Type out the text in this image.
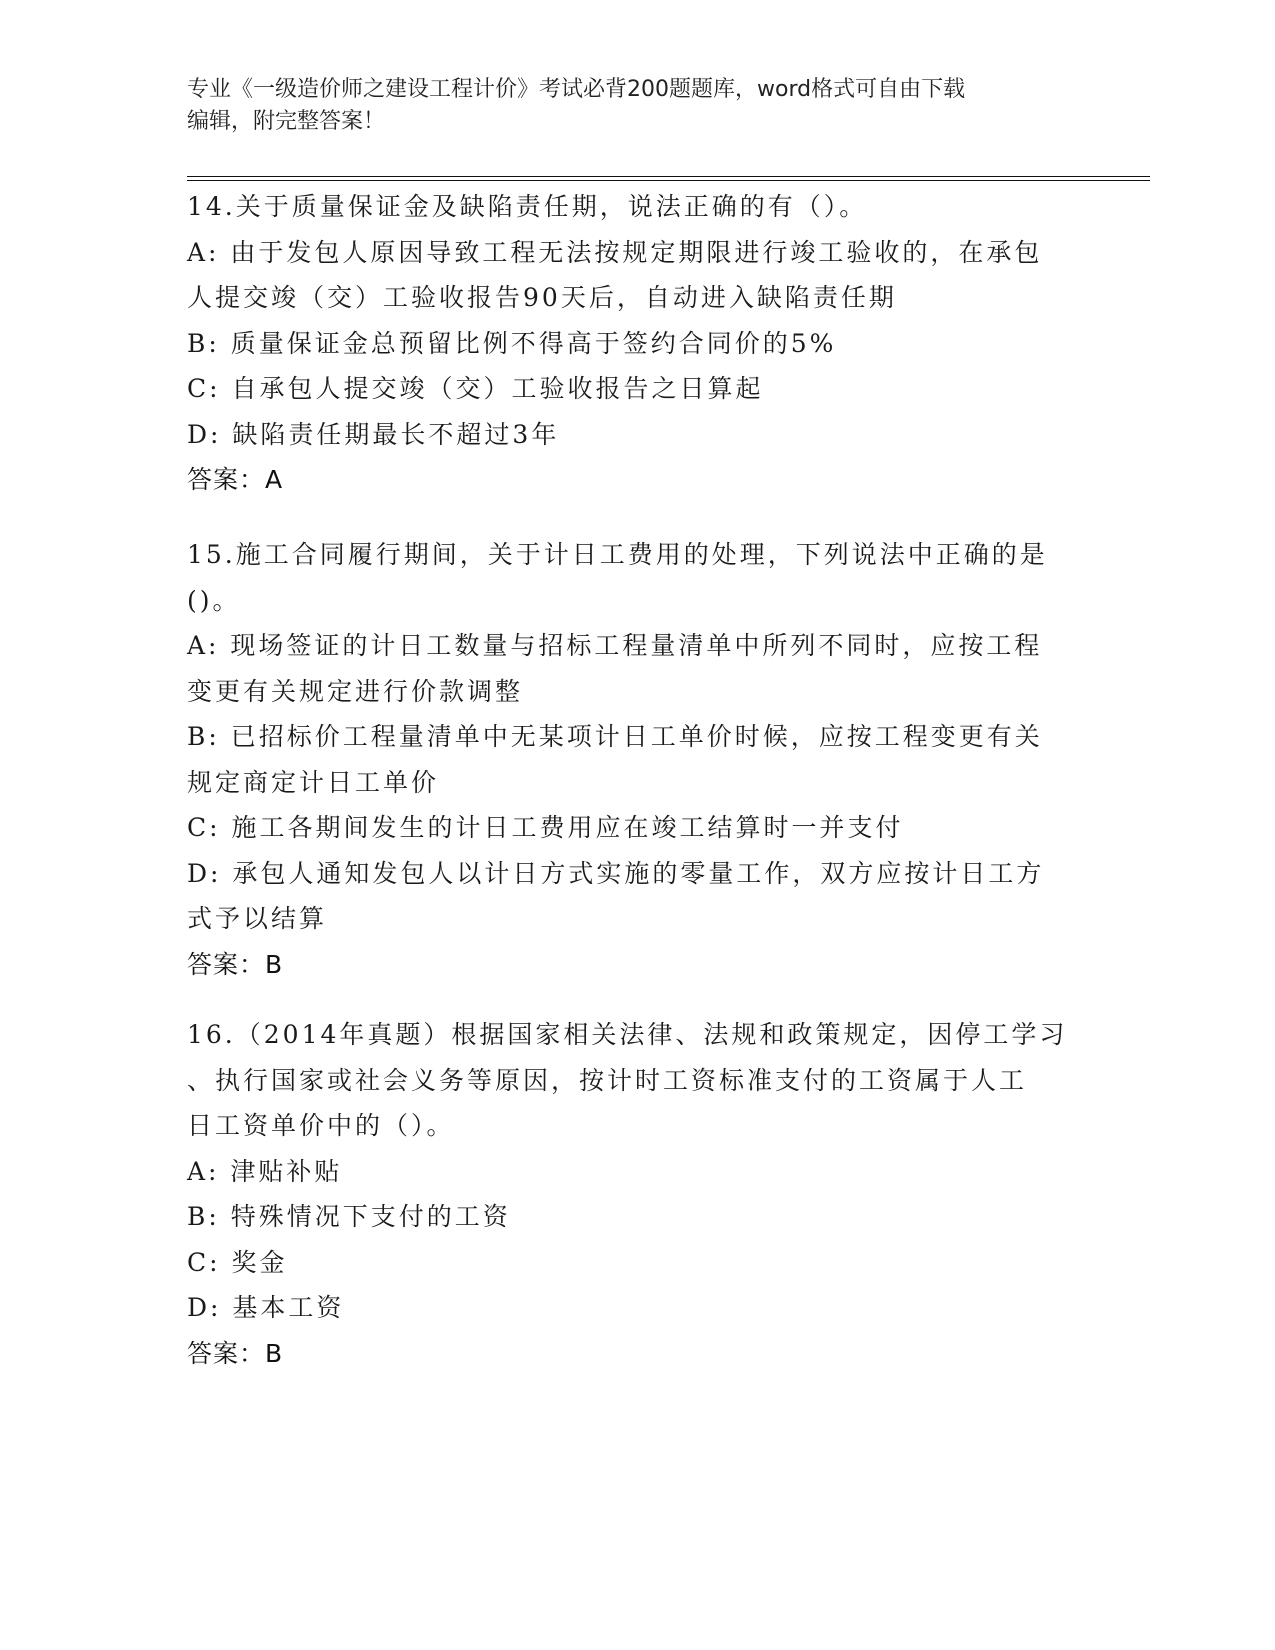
专业《一级造价师之建设工程计价》考试必背200题题库，word格式可自由下载
编辑，附完整答案！
14.关于质量保证金及缺陷责任期，说法正确的有（）。
A: 由于发包人原因导致工程无法按规定期限进行竣工验收的，在承包
人提交竣（交）工验收报告90天后，自动进入缺陷责任期
B: 质量保证金总预留比例不得高于签约合同价的5%
C: 自承包人提交竣（交）工验收报告之日算起
D: 缺陷责任期最长不超过3年
答案：A
15.施工合同履行期间，关于计日工费用的处理，下列说法中正确的是
()。
A: 现场签证的计日工数量与招标工程量清单中所列不同时，应按工程
变更有关规定进行价款调整
B: 已招标价工程量清单中无某项计日工单价时候，应按工程变更有关
规定商定计日工单价
C: 施工各期间发生的计日工费用应在竣工结算时一并支付
D: 承包人通知发包人以计日方式实施的零量工作，双方应按计日工方
式予以结算
答案：B
16.（2014年真题）根据国家相关法律、法规和政策规定，因停工学习
、执行国家或社会义务等原因，按计时工资标准支付的工资属于人工
日工资单价中的（）。
A: 津贴补贴
B: 特殊情况下支付的工资
C: 奖金
D: 基本工资
答案：B
